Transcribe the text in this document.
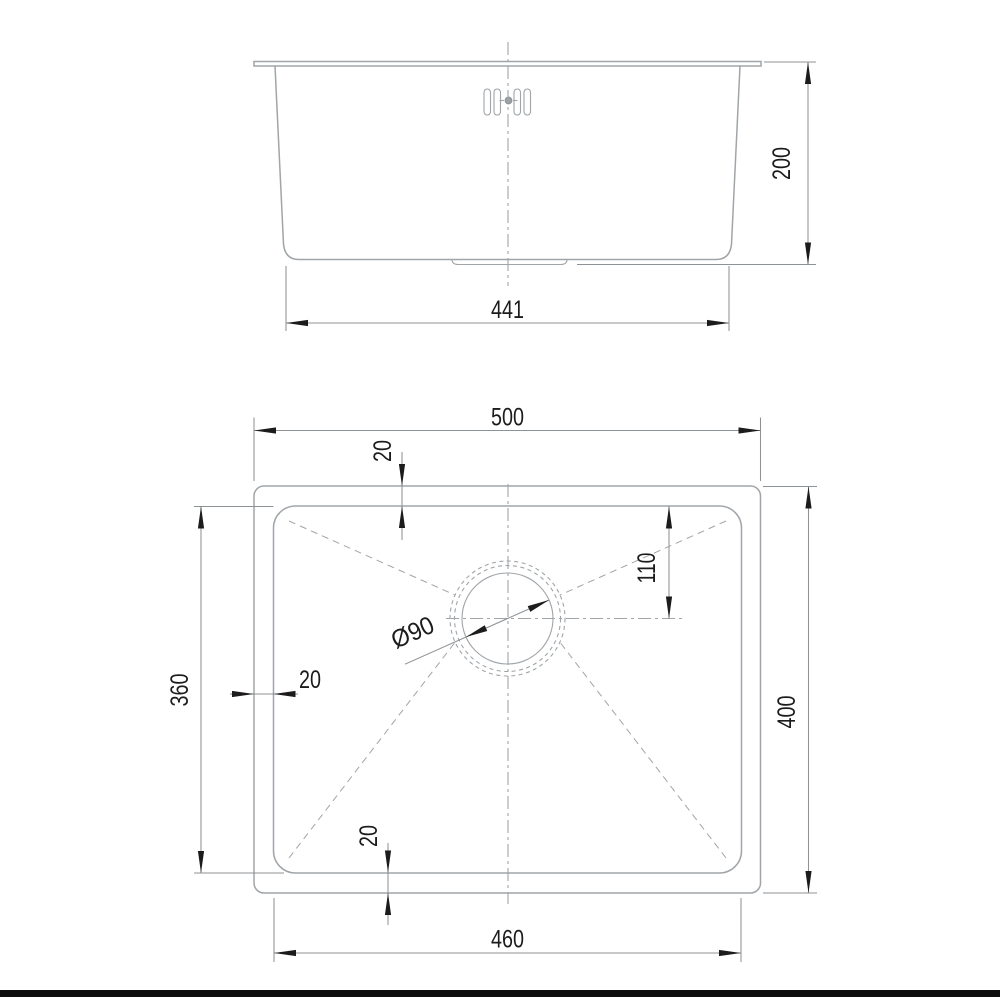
441
200
500
20
20
20
360
400
460
110
Ø90
